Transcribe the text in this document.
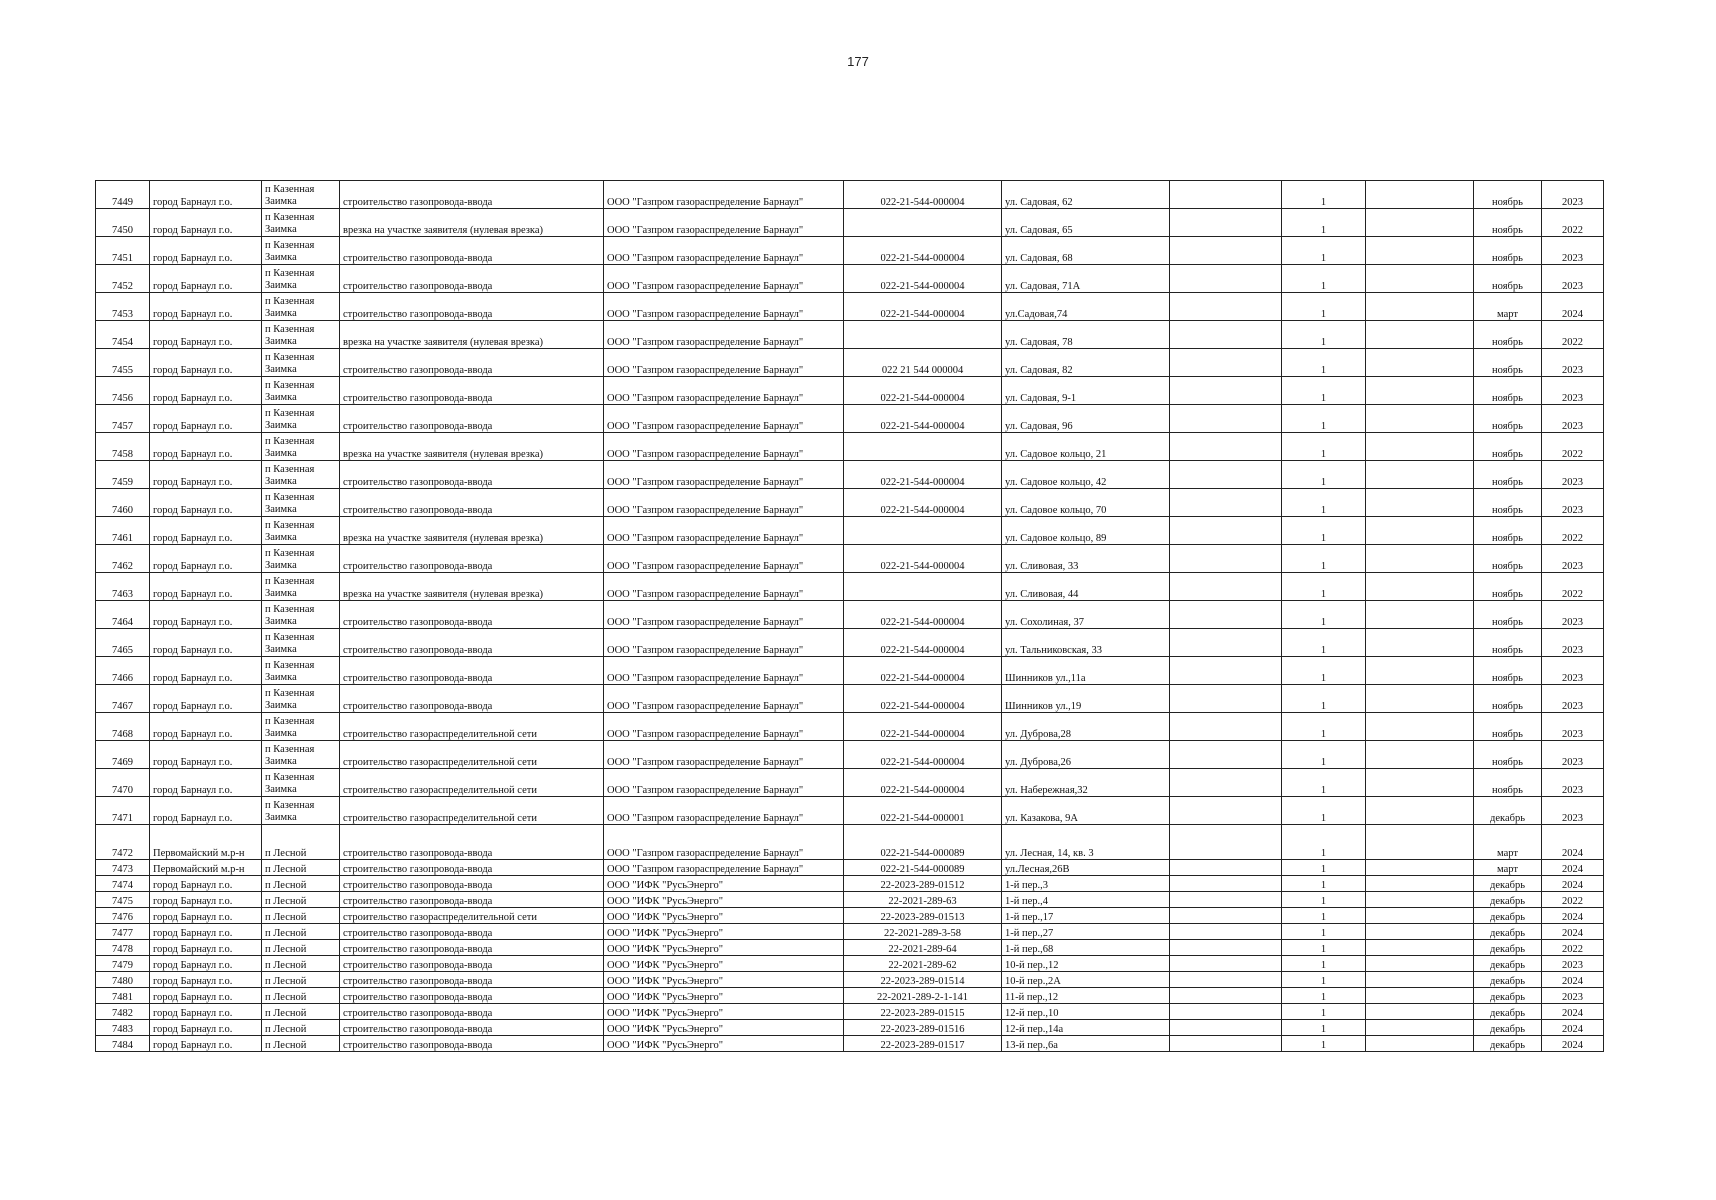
177
7449	город Барнаул г.о.	п Казенная Заимка	строительство газопровода-ввода	ООО "Газпром газораспределение Барнаул"	022-21-544-000004	ул. Садовая, 62		1		ноябрь	2023
7450	город Барнаул г.о.	п Казенная Заимка	врезка на участке заявителя (нулевая врезка)	ООО "Газпром газораспределение Барнаул"		ул. Садовая, 65		1		ноябрь	2022
7451	город Барнаул г.о.	п Казенная Заимка	строительство газопровода-ввода	ООО "Газпром газораспределение Барнаул"	022-21-544-000004	ул. Садовая, 68		1		ноябрь	2023
7452	город Барнаул г.о.	п Казенная Заимка	строительство газопровода-ввода	ООО "Газпром газораспределение Барнаул"	022-21-544-000004	ул. Садовая, 71А		1		ноябрь	2023
7453	город Барнаул г.о.	п Казенная Заимка	строительство газопровода-ввода	ООО "Газпром газораспределение Барнаул"	022-21-544-000004	ул.Садовая,74		1		март	2024
7454	город Барнаул г.о.	п Казенная Заимка	врезка на участке заявителя (нулевая врезка)	ООО "Газпром газораспределение Барнаул"		ул. Садовая, 78		1		ноябрь	2022
7455	город Барнаул г.о.	п Казенная Заимка	строительство газопровода-ввода	ООО "Газпром газораспределение Барнаул"	022 21 544 000004	ул. Садовая, 82		1		ноябрь	2023
7456	город Барнаул г.о.	п Казенная Заимка	строительство газопровода-ввода	ООО "Газпром газораспределение Барнаул"	022-21-544-000004	ул. Садовая, 9-1		1		ноябрь	2023
7457	город Барнаул г.о.	п Казенная Заимка	строительство газопровода-ввода	ООО "Газпром газораспределение Барнаул"	022-21-544-000004	ул. Садовая, 96		1		ноябрь	2023
7458	город Барнаул г.о.	п Казенная Заимка	врезка на участке заявителя (нулевая врезка)	ООО "Газпром газораспределение Барнаул"		ул. Садовое кольцо, 21		1		ноябрь	2022
7459	город Барнаул г.о.	п Казенная Заимка	строительство газопровода-ввода	ООО "Газпром газораспределение Барнаул"	022-21-544-000004	ул. Садовое кольцо, 42		1		ноябрь	2023
7460	город Барнаул г.о.	п Казенная Заимка	строительство газопровода-ввода	ООО "Газпром газораспределение Барнаул"	022-21-544-000004	ул. Садовое кольцо, 70		1		ноябрь	2023
7461	город Барнаул г.о.	п Казенная Заимка	врезка на участке заявителя (нулевая врезка)	ООО "Газпром газораспределение Барнаул"		ул. Садовое кольцо, 89		1		ноябрь	2022
7462	город Барнаул г.о.	п Казенная Заимка	строительство газопровода-ввода	ООО "Газпром газораспределение Барнаул"	022-21-544-000004	ул. Сливовая, 33		1		ноябрь	2023
7463	город Барнаул г.о.	п Казенная Заимка	врезка на участке заявителя (нулевая врезка)	ООО "Газпром газораспределение Барнаул"		ул. Сливовая, 44		1		ноябрь	2022
7464	город Барнаул г.о.	п Казенная Заимка	строительство газопровода-ввода	ООО "Газпром газораспределение Барнаул"	022-21-544-000004	ул. Сохолиная, 37		1		ноябрь	2023
7465	город Барнаул г.о.	п Казенная Заимка	строительство газопровода-ввода	ООО "Газпром газораспределение Барнаул"	022-21-544-000004	ул. Тальниковская, 33		1		ноябрь	2023
7466	город Барнаул г.о.	п Казенная Заимка	строительство газопровода-ввода	ООО "Газпром газораспределение Барнаул"	022-21-544-000004	Шинников ул.,11а		1		ноябрь	2023
7467	город Барнаул г.о.	п Казенная Заимка	строительство газопровода-ввода	ООО "Газпром газораспределение Барнаул"	022-21-544-000004	Шинников ул.,19		1		ноябрь	2023
7468	город Барнаул г.о.	п Казенная Заимка	строительство газораспределительной сети	ООО "Газпром газораспределение Барнаул"	022-21-544-000004	ул. Дуброва,28		1		ноябрь	2023
7469	город Барнаул г.о.	п Казенная Заимка	строительство газораспределительной сети	ООО "Газпром газораспределение Барнаул"	022-21-544-000004	ул. Дуброва,26		1		ноябрь	2023
7470	город Барнаул г.о.	п Казенная Заимка	строительство газораспределительной сети	ООО "Газпром газораспределение Барнаул"	022-21-544-000004	ул. Набережная,32		1		ноябрь	2023
7471	город Барнаул г.о.	п Казенная Заимка	строительство газораспределительной сети	ООО "Газпром газораспределение Барнаул"	022-21-544-000001	ул. Казакова, 9А		1		декабрь	2023
7472	Первомайский м.р-н	п Лесной	строительство газопровода-ввода	ООО "Газпром газораспределение Барнаул"	022-21-544-000089	ул. Лесная, 14, кв. 3		1		март	2024
7473	Первомайский м.р-н	п Лесной	строительство газопровода-ввода	ООО "Газпром газораспределение Барнаул"	022-21-544-000089	ул.Лесная,26В		1		март	2024
7474	город Барнаул г.о.	п Лесной	строительство газопровода-ввода	ООО "ИФК "РусьЭнерго"	22-2023-289-01512	1-й пер.,3		1		декабрь	2024
7475	город Барнаул г.о.	п Лесной	строительство газопровода-ввода	ООО "ИФК "РусьЭнерго"	22-2021-289-63	1-й пер.,4		1		декабрь	2022
7476	город Барнаул г.о.	п Лесной	строительство газораспределительной сети	ООО "ИФК "РусьЭнерго"	22-2023-289-01513	1-й пер.,17		1		декабрь	2024
7477	город Барнаул г.о.	п Лесной	строительство газопровода-ввода	ООО "ИФК "РусьЭнерго"	22-2021-289-3-58	1-й пер.,27		1		декабрь	2024
7478	город Барнаул г.о.	п Лесной	строительство газопровода-ввода	ООО "ИФК "РусьЭнерго"	22-2021-289-64	1-й пер.,68		1		декабрь	2022
7479	город Барнаул г.о.	п Лесной	строительство газопровода-ввода	ООО "ИФК "РусьЭнерго"	22-2021-289-62	10-й пер.,12		1		декабрь	2023
7480	город Барнаул г.о.	п Лесной	строительство газопровода-ввода	ООО "ИФК "РусьЭнерго"	22-2023-289-01514	10-й пер.,2А		1		декабрь	2024
7481	город Барнаул г.о.	п Лесной	строительство газопровода-ввода	ООО "ИФК "РусьЭнерго"	22-2021-289-2-1-141	11-й пер.,12		1		декабрь	2023
7482	город Барнаул г.о.	п Лесной	строительство газопровода-ввода	ООО "ИФК "РусьЭнерго"	22-2023-289-01515	12-й пер.,10		1		декабрь	2024
7483	город Барнаул г.о.	п Лесной	строительство газопровода-ввода	ООО "ИФК "РусьЭнерго"	22-2023-289-01516	12-й пер.,14а		1		декабрь	2024
7484	город Барнаул г.о.	п Лесной	строительство газопровода-ввода	ООО "ИФК "РусьЭнерго"	22-2023-289-01517	13-й пер.,6а		1		декабрь	2024
